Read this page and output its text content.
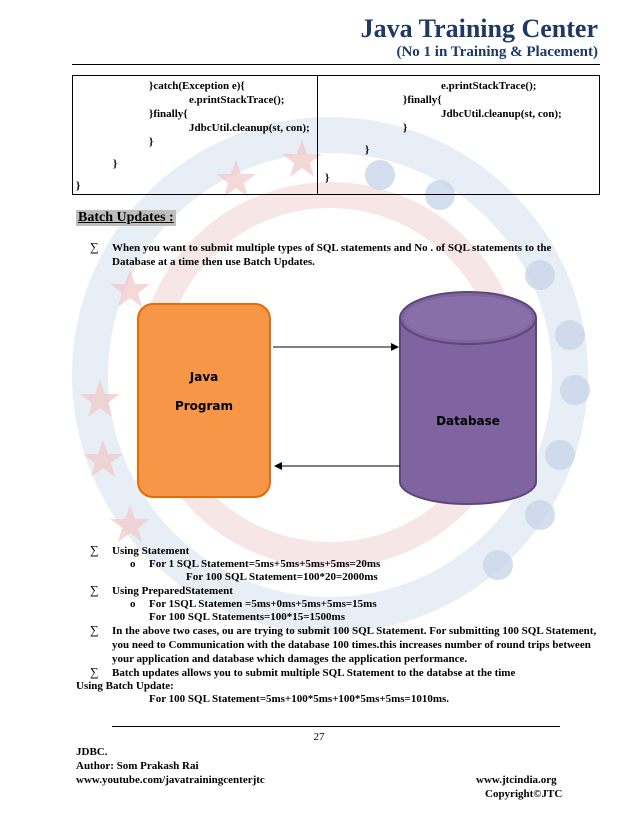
Java Training Center
(No 1 in Training & Placement)
}catch(Exception e){
e.printStackTrace();
}finally{
JdbcUtil.cleanup(st, con);
}
}
}
e.printStackTrace();
}finally{
JdbcUtil.cleanup(st, con);
}
}
}
Batch Updates :
∑ When you want to submit multiple types of SQL statements and No . of SQL statements to the Database at a time then use Batch Updates.
Java
Program
Database
∑ Using Statement
o For 1 SQL Statement=5ms+5ms+5ms+5ms=20ms
For 100 SQL Statement=100*20=2000ms
∑ Using PreparedStatement
o For 1SQL Statemen =5ms+0ms+5ms+5ms=15ms
For 100 SQL Statements=100*15=1500ms
∑ In the above two cases, ou are trying to submit 100 SQL Statement. For submitting 100 SQL Statement, you need to Communication with the database 100 times.this increases number of round trips between your application and database which damages the application performance.
∑ Batch updates allows you to submit multiple SQL Statement to the databse at the time
Using Batch Update:
For 100 SQL Statement=5ms+100*5ms+100*5ms+5ms=1010ms.
27
JDBC.
Author: Som Prakash Rai
www.youtube.com/javatrainingcenterjtc	www.jtcindia.org
Copyright©JTC
